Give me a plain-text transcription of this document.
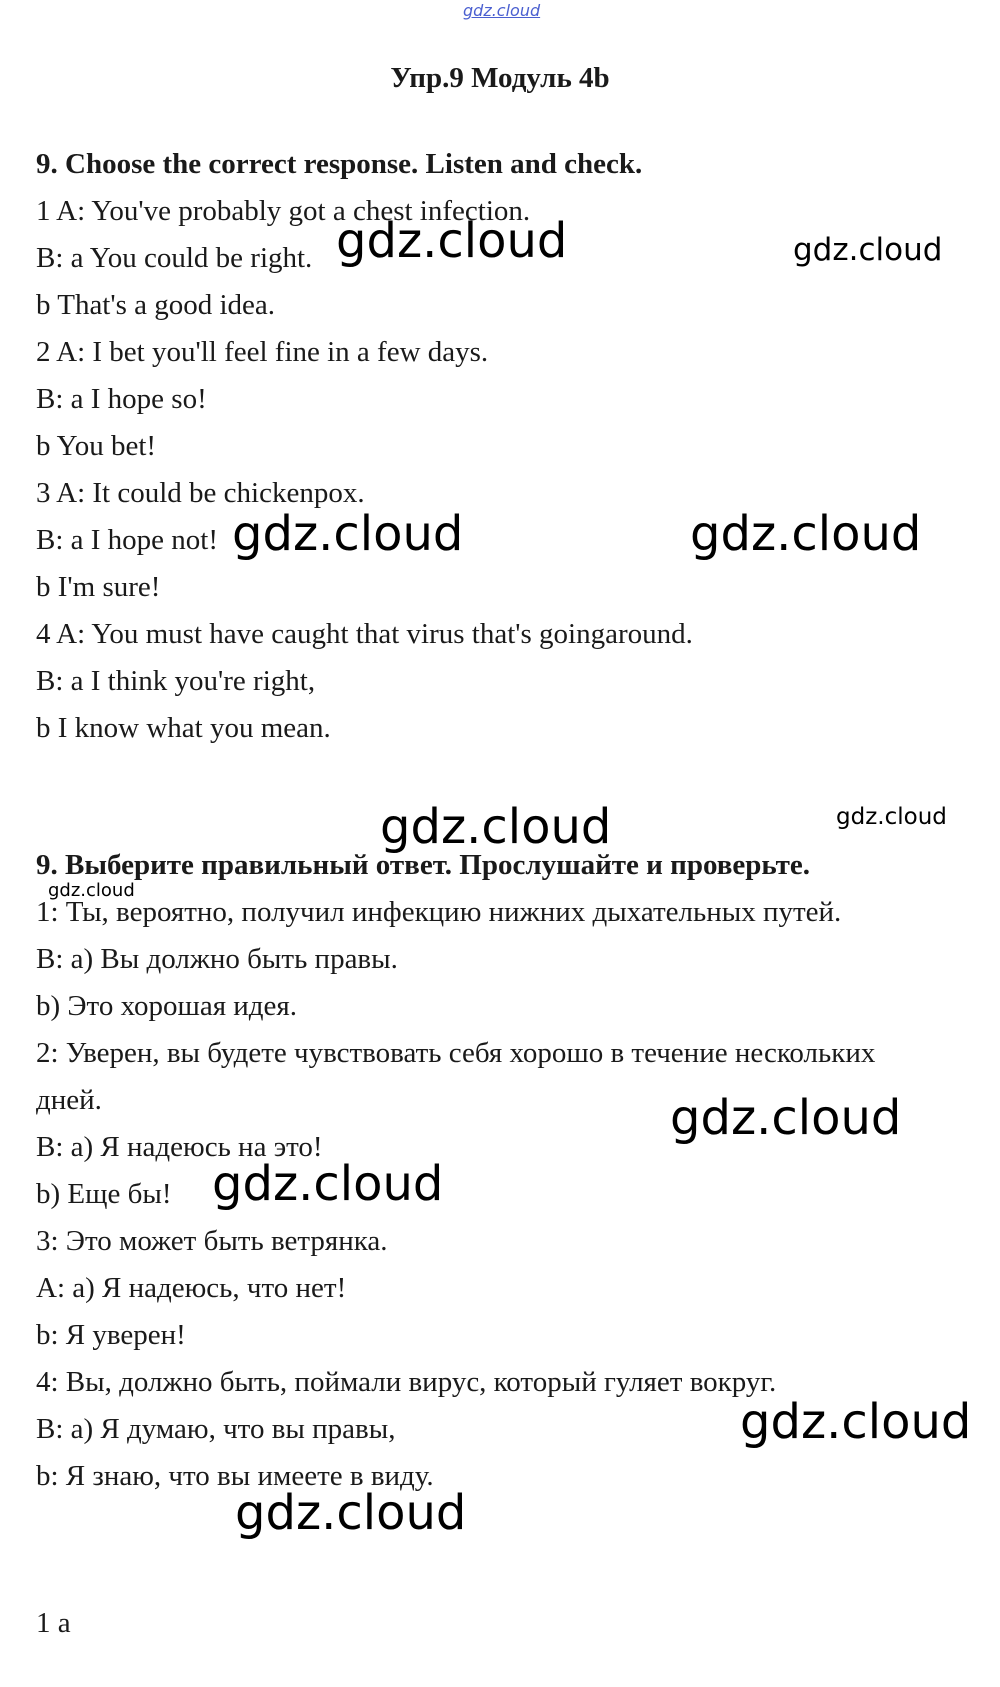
gdz.cloud
Упр.9 Модуль 4b
9. Choose the correct response. Listen and check.
1 A: You've probably got a chest infection.
B: a You could be right.
b That's a good idea.
2 A: I bet you'll feel fine in a few days.
B: a I hope so!
b You bet!
3 A: It could be chickenpox.
B: a I hope not!
b I'm sure!
4 A: You must have caught that virus that's goingaround.
B: a I think you're right,
b I know what you mean.
9. Выберите правильный ответ. Прослушайте и проверьте.
1: Ты, вероятно, получил инфекцию нижних дыхательных путей.
B: a) Вы должно быть правы.
b) Это хорошая идея.
2: Уверен, вы будете чувствовать себя хорошо в течение нескольких
дней.
B: a) Я надеюсь на это!
b) Еще бы!
3: Это может быть ветрянка.
A: a) Я надеюсь, что нет!
b: Я уверен!
4: Вы, должно быть, поймали вирус, который гуляет вокруг.
B: a) Я думаю, что вы правы,
b: Я знаю, что вы имеете в виду.
1 a
gdz.cloud	gdz.cloud
gdz.cloud	gdz.cloud
gdz.cloud	gdz.cloud
gdz.cloud
gdz.cloud
gdz.cloud
gdz.cloud
gdz.cloud
